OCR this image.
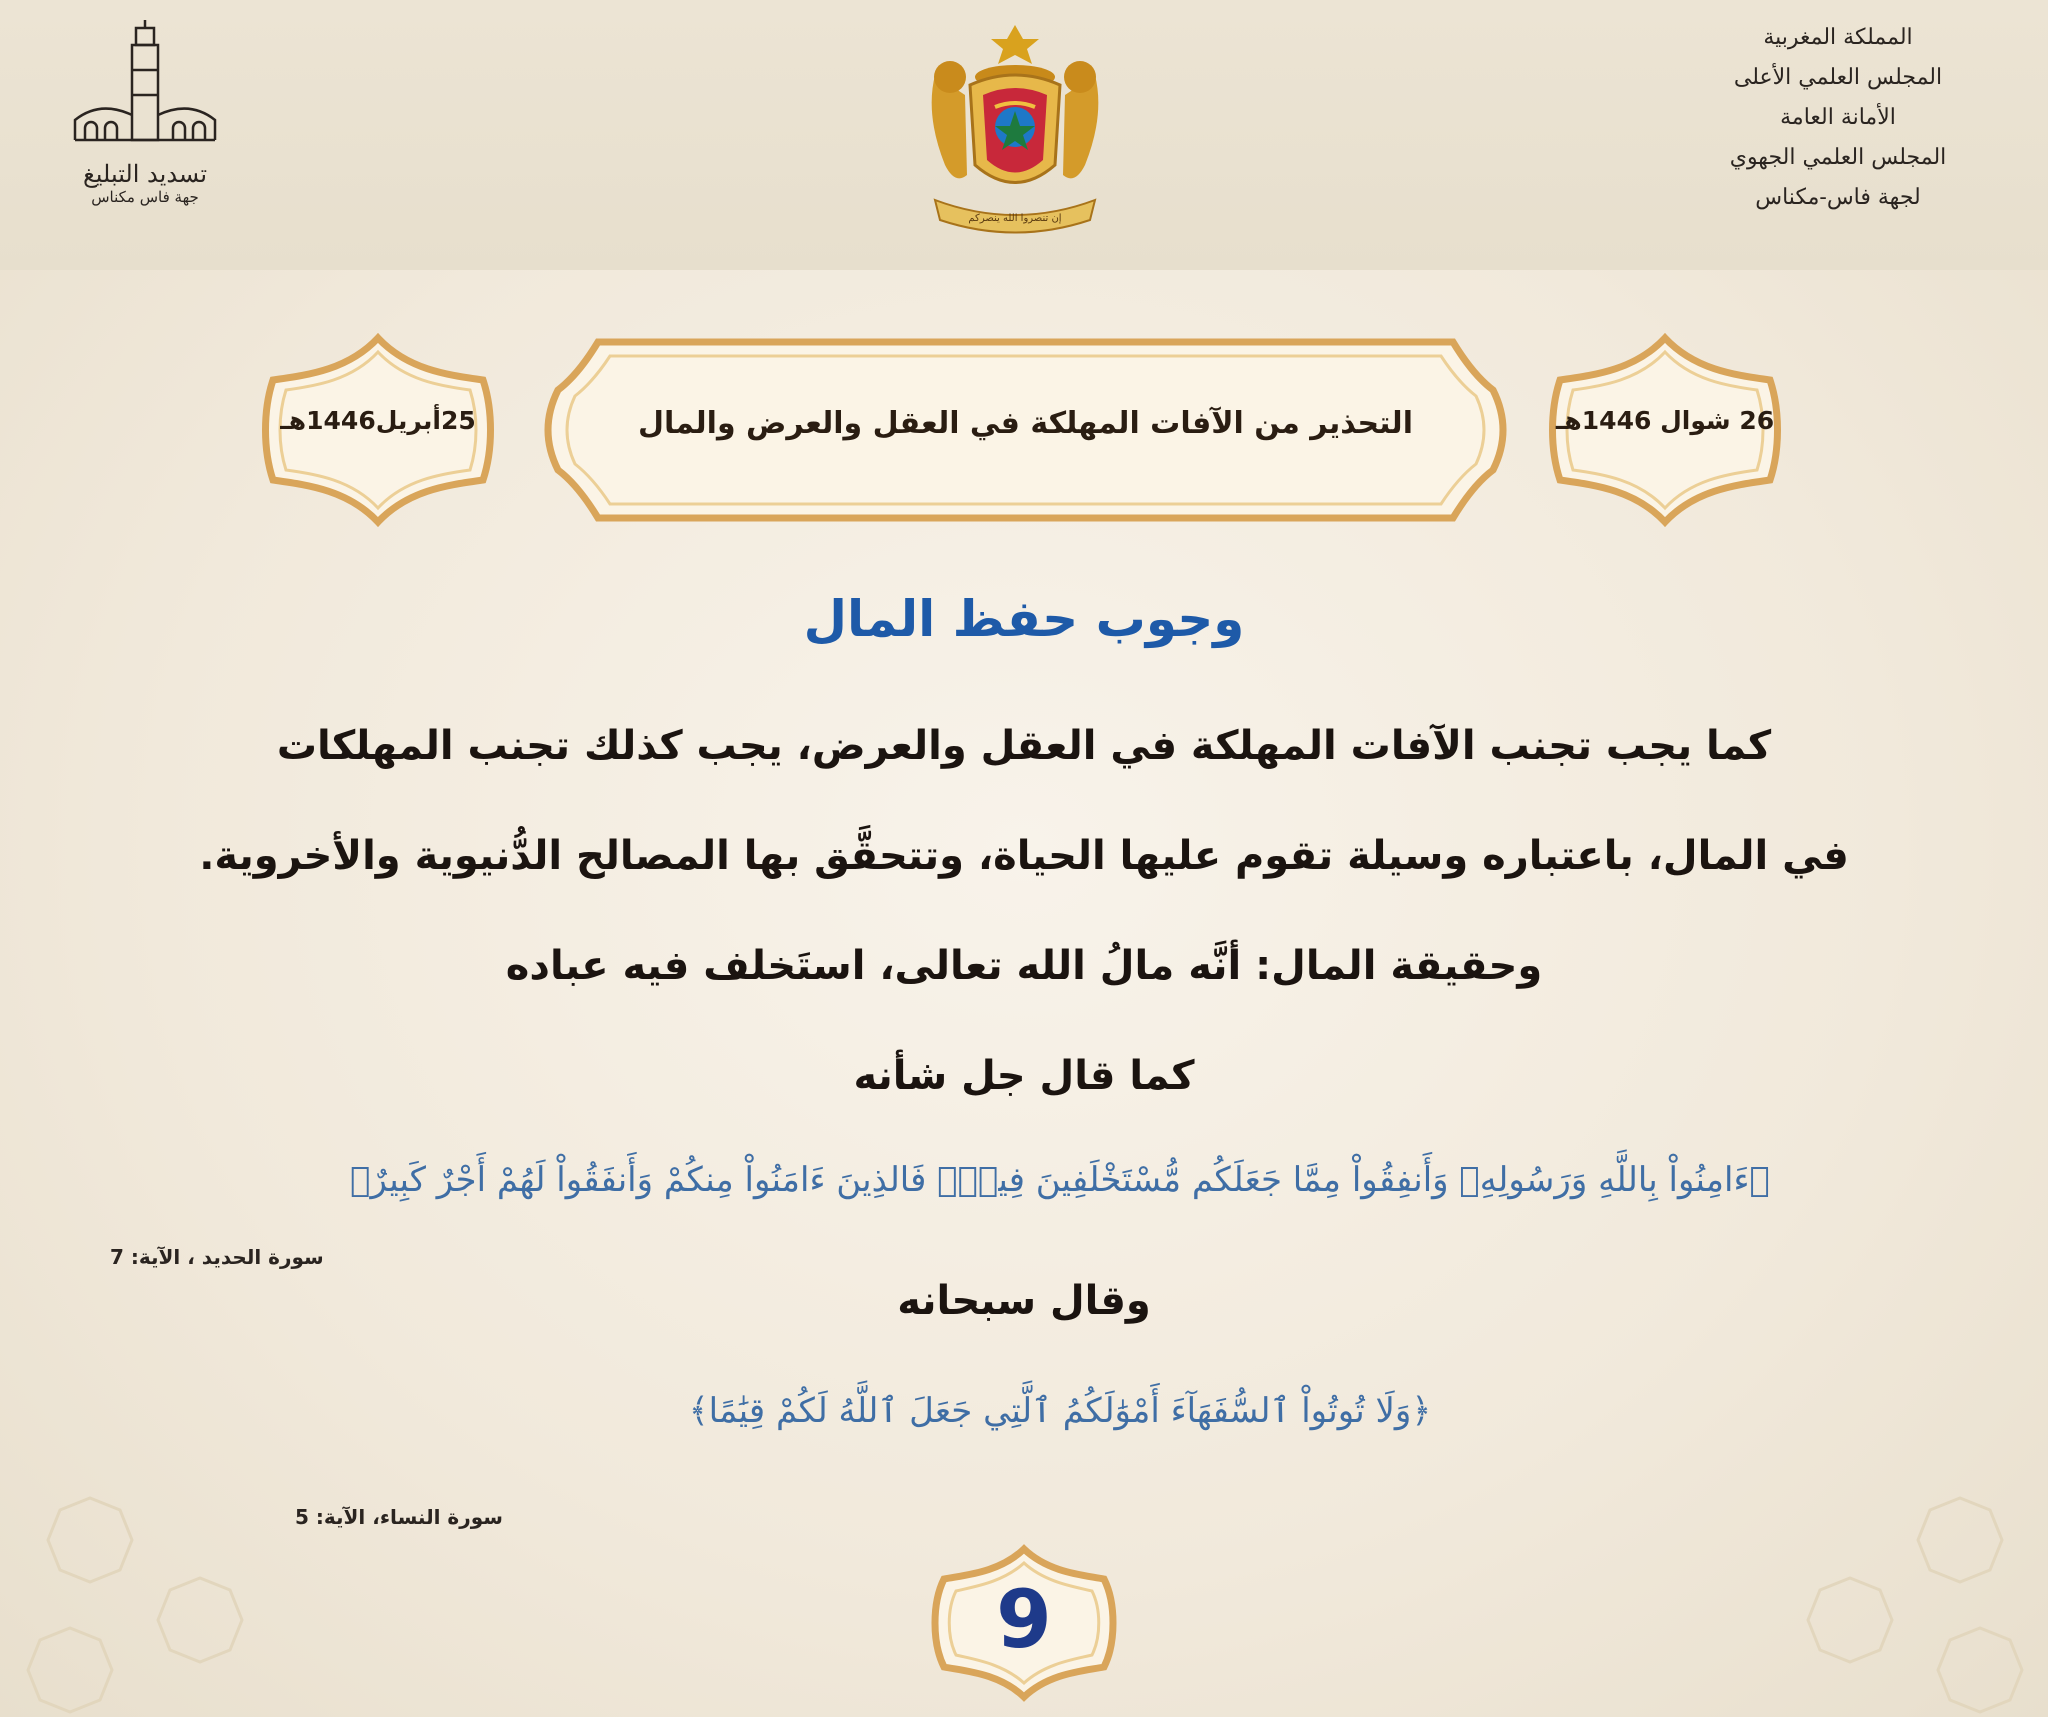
المملكة المغربية
المجلس العلمي الأعلى
الأمانة العامة
المجلس العلمي الجهوي
لجهة فاس-مكناس
إن تنصروا الله ينصركم
تسديد التبليغ
جهة فاس مكناس
26 شوال 1446هـ
التحذير من الآفات المهلكة في العقل والعرض والمال
25أبريل1446هـ
وجوب حفظ المال
كما يجب تجنب الآفات المهلكة في العقل والعرض، يجب كذلك تجنب المهلكات
في المال، باعتباره وسيلة تقوم عليها الحياة، وتتحقَّق بها المصالح الدُّنيوية والأخروية.
وحقيقة المال: أنَّه مالُ الله تعالى، استَخلف فيه عباده
كما قال جل شأنه
﴿ءَامِنُواْ بِاللَّهِ وَرَسُولِهِۦ وَأَنفِقُواْ مِمَّا جَعَلَكُم مُّسْتَخْلَفِينَ فِيهِۖ فَالذِينَ ءَامَنُواْ مِنكُمْ وَأَنفَقُواْ لَهُمْ أَجْرٌ كَبِيرٌ﴾
سورة الحديد ، الآية: 7
وقال سبحانه
﴿وَلَا تُوتُواْ ٱلسُّفَهَآءَ أَمْوَٰلَكُمُ ٱلَّتِي جَعَلَ ٱللَّهُ لَكُمْ قِيَٰمًا﴾
سورة النساء، الآية: 5
9
